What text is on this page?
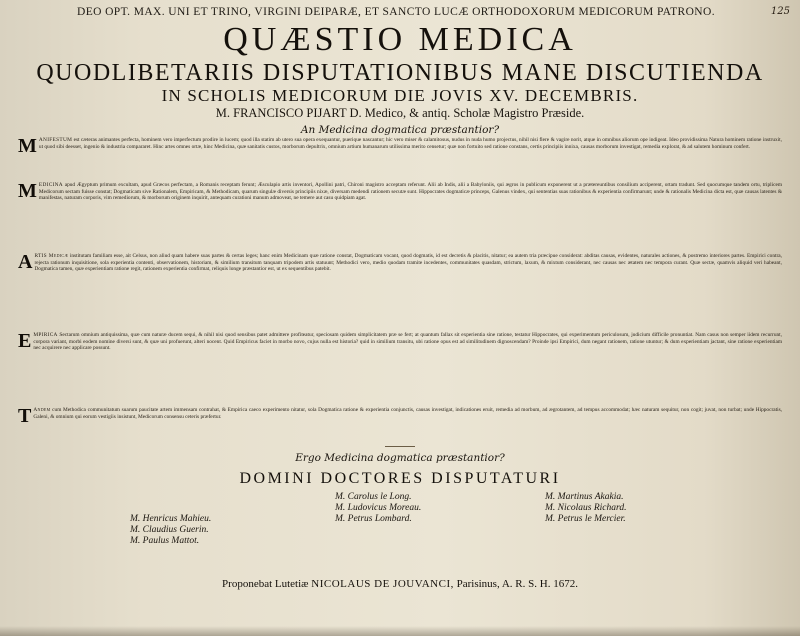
125
DEO OPT. MAX. UNI ET TRINO, VIRGINI DEIPARÆ, ET SANCTO LUCÆ ORTHODOXORUM MEDICORUM PATRONO.
QUÆSTIO MEDICA
QUODLIBETARIIS DISPUTATIONIBUS MANE DISCUTIENDA
IN SCHOLIS MEDICORUM DIE JOVIS XV. DECEMBRIS.
M. FRANCISCO PIJART D. Medico, & antiq. Scholæ Magistro Præside.
An Medicina dogmatica præstantior?
M ANIFESTUM est cæteras animantes perfecta, hominem vero imperfectum prodire in lucem; quod illa statim ab utero sua opera exequantur, puerique nascantur; hic vero miser & calamitosus, nudus in nuda humo projectus, nihil nisi flere & vagire norit, atque in omnibus aliorum ope indigeat. Ideo providissima Natura hominem ratione instruxit, ut quod sibi deesset, ingenio & industria compararet. Hinc artes omnes ortæ, hinc Medicina, quæ sanitatis custos, morborum depultrix, omnium artium humanarum utilissima merito censetur; quæ non fortuito sed ratione constans, certis principiis innixa, causas morborum investigat, remedia explorat, & ad salutem hominum confert.
M EDICINA apud Ægyptum primum excultam, apud Græcos perfectam, a Romanis receptam ferunt; Æsculapio artis inventori, Apollini patri, Chironi magistro acceptam referunt. Alii ab Indis, alii a Babyloniis, qui ægros in publicum exponerent ut a prætereuntibus consilium acciperent, ortam tradunt. Sed quocumque tandem ortu, triplicem Medicorum sectam fuisse constat; Dogmaticam sive Rationalem, Empiricam, & Methodicam, quarum singulæ diversis principiis nixæ, diversam medendi rationem secutæ sunt. Hippocrates dogmaticæ princeps, Galenus vindex, qui sententias suas rationibus & experientia confirmarunt; unde & rationalis Medicina dicta est, quæ causas latentes & manifestas, naturam corporis, vim remediorum, & morborum originem inquirit, antequam curationi manum admoveat, ne temere aut casu quidpiam agat.
A RTIS Medicæ institutam familiam esse, ait Celsus, non aliud quam habere suas partes & certas leges; hanc enim Medicinam quæ ratione constat, Dogmaticam vocant, quod dogmatis, id est decretis & placitis, nitatur; ea autem tria præcipue considerat: abditas causas, evidentes, naturales actiones, & postremo interiores partes. Empirici contra, rejecta rationum inquisitione, sola experientia contenti, observationem, historiam, & similium transitum tanquam tripodem artis statuunt; Methodici vero, medio quodam tramite incedentes, communitates quasdam, strictum, laxum, & mixtum considerant, nec causas nec ætatem nec tempora curant. Quæ sectæ, quamvis aliquid veri habeant, Dogmatica tamen, quæ experientiam ratione regit, rationem experientia confirmat, reliquis longe præstantior est, ut ex sequentibus patebit.
E MPIRICA Sectarum omnium antiquissima, quæ cum naturæ ducem sequi, & nihil nisi quod sensibus patet admittere profiteatur, speciosam quidem simplicitatem præ se fert; at quantum fallax sit experientia sine ratione, testatur Hippocrates, qui experimentum periculosum, judicium difficile pronuntiat. Nam casus non semper iidem recurrunt, corpora variant, morbi eodem nomine diversi sunt, & quæ uni profuerunt, alteri nocent. Quid Empiricus faciet in morbo novo, cujus nulla est historia? quid in similium transitu, ubi ratione opus est ad similitudinem dignoscendam? Proinde ipsi Empirici, dum negant rationem, ratione utuntur; & dum experientiam jactant, sine ratione experientiam nec acquirere nec applicare possunt.
T Andem cum Methodica communitatum suarum paucitate artem immensam contrahat, & Empirica caeco experimento nitatur, sola Dogmatica ratione & experientia conjunctis, causas investigat, indicationes eruit, remedia ad morbum, ad ægrotantem, ad tempus accommodat; hæc naturam sequitur, non cogit; juvat, non turbat; unde Hippocratis, Galeni, & omnium qui eorum vestigiis insistunt, Medicorum consensu ceteris præfertur.
Ergo Medicina dogmatica præstantior?
DOMINI DOCTORES DISPUTATURI
M. Henricus Mahieu.
M. Claudius Guerin.
M. Paulus Mattot.
M. Carolus le Long.
M. Ludovicus Moreau.
M. Petrus Lombard.
M. Martinus Akakia.
M. Nicolaus Richard.
M. Petrus le Mercier.
Proponebat Lutetiæ NICOLAUS DE JOUVANCI, Parisinus, A. R. S. H. 1672.
